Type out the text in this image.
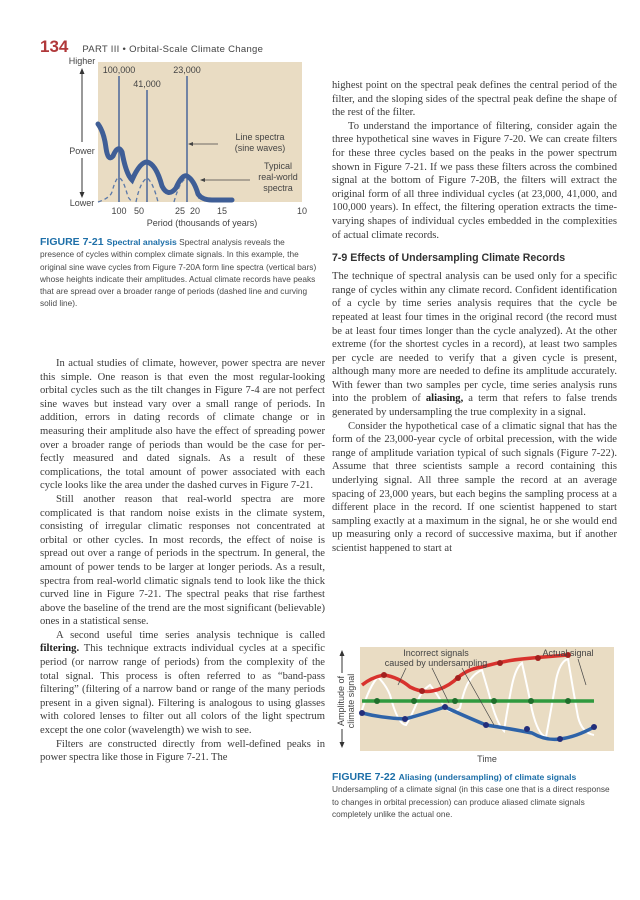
134 PART III • Orbital-Scale Climate Change
Higher
Power
Lower
100,000
41,000
23,000
Line spectra
(sine waves)
Typical
real-world
spectra
100 50	25 20 15	10
Period (thousands of years)
FIGURE 7-21 Spectral analysis Spectral analysis reveals the presence of cycles within complex climate signals. In this example, the original sine wave cycles from Figure 7-20A form line spectra (vertical bars) whose heights indicate their amplitudes. Actual climate records have peaks that are spread over a broader range of periods (dashed line and curving solid line).

In actual studies of climate, however, power spectra are never this simple. One reason is that even the most regular-looking orbital cycles such as the tilt changes in Figure 7-4 are not perfect sine waves but instead vary over a small range of periods. In addition, errors in dating records of climate change or in measuring their amplitude also have the effect of spreading power over a broader range of periods than would be the case for perfectly measured and dated signals. As a result of these complications, the total amount of power associated with each cycle looks like the area under the dashed curves in Figure 7-21.

Still another reason that real-world spectra are more complicated is that random noise exists in the climate system, consisting of irregular climatic responses not concentrated at orbital or other cycles. In most records, the effect of noise is spread out over a range of periods in the spectrum. In general, the amount of power tends to be larger at longer periods. As a result, spectra from real-world climatic signals tend to look like the thick curved line in Figure 7-21. The spectral peaks that rise farthest above the baseline of the trend are the most significant (believable) ones in a statistical sense.

A second useful time series analysis technique is called filtering. This technique extracts individual cycles at a specific period (or narrow range of periods) from the complexity of the total signal. This process is often referred to as “band-pass filtering” (filtering of a narrow band or range of the many periods present in a given signal). Filtering is analogous to using glasses with colored lenses to filter out all colors of the light spectrum except the one color (wavelength) we wish to see.

Filters are constructed directly from well-defined peaks in power spectra like those in Figure 7-21. The

highest point on the spectral peak defines the central period of the filter, and the sloping sides of the spectral peak define the shape of the rest of the filter.

To understand the importance of filtering, consider again the three hypothetical sine waves in Figure 7-20. We can create filters for these three cycles based on the peaks in the power spectrum shown in Figure 7-21. If we pass these filters across the combined signal at the bottom of Figure 7-20B, the filters will extract the original form of all three individual cycles (at 23,000, 41,000, and 100,000 years). In effect, the filtering operation extracts the time-varying shapes of individual cycles embedded in the complexities of actual climate records.

7-9 Effects of Undersampling Climate Records

The technique of spectral analysis can be used only for a specific range of cycles within any climate record. Confident identification of a cycle by time series analysis requires that the cycle be repeated at least four times in the original record (the record must be at least four times longer than the cycle analyzed). At the other extreme (for the shortest cycles in a record), at least two samples per cycle are needed to verify that a given cycle is present, although many more are needed to define its amplitude accurately. With fewer than two samples per cycle, time series analysis runs into the problem of aliasing, a term that refers to false trends generated by undersampling the true complexity in a signal.

Consider the hypothetical case of a climatic signal that has the form of the 23,000-year cycle of orbital precession, with the wide range of amplitude variation typical of such signals (Figure 7-22). Assume that three scientists sample a record containing this underlying signal. All three sample the record at an average spacing of 23,000 years, but each begins the sampling process at a different place in the record. If one scientist happened to start sampling exactly at a maximum in the signal, he or she would end up measuring only a record of successive maxima, but if another scientist happened to start at

Amplitude of climate signal
Incorrect signals
caused by undersampling
Actual signal
Time
FIGURE 7-22 Aliasing (undersampling) of climate signals
Undersampling of a climate signal (in this case one that is a direct response to changes in orbital precession) can produce aliased climate signals completely unlike the actual one.
